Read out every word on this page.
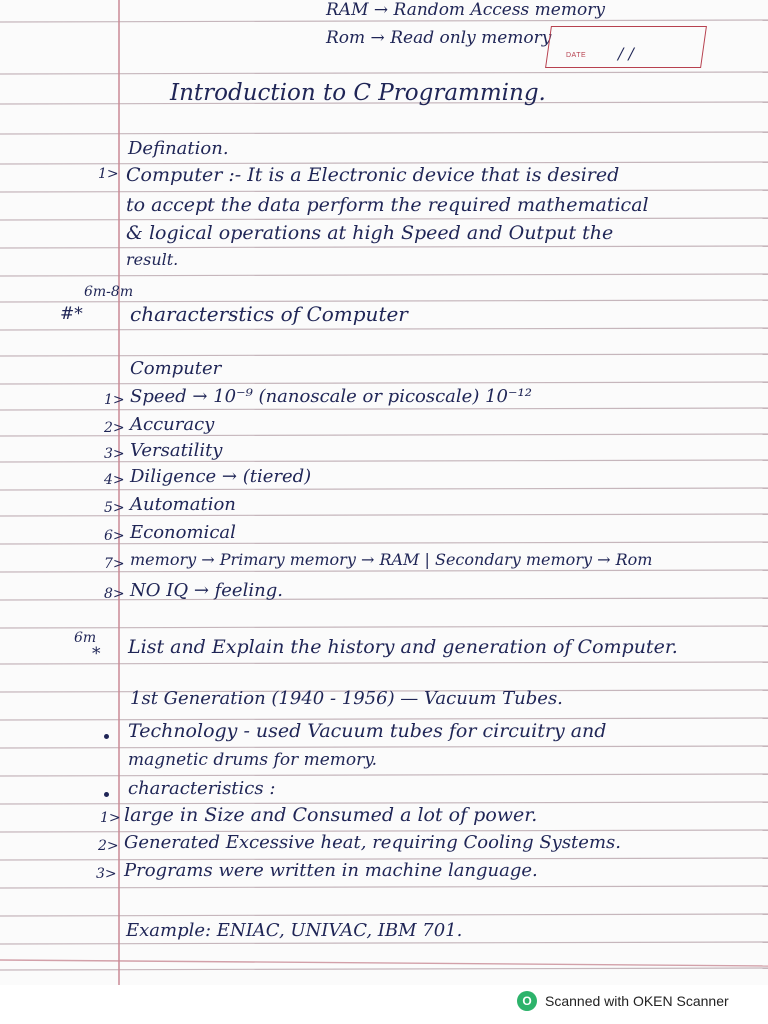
RAM → Random Access memory
Rom → Read only memory
DATE / /
Introduction to C Programming.
Defination.
1> Computer :- It is a Electronic device that is desired
to accept the data perform the required mathematical
& logical operations at high Speed and Output the
result.
6m-8m
#* characterstics of Computer
Computer
1> Speed → 10⁻⁹ (nanoscale or picoscale) 10⁻¹²
2> Accuracy
3> Versatility
4> Diligence → (tiered)
5> Automation
6> Economical
7> memory → Primary memory → RAM | Secondary memory → Rom
8> NO IQ → feeling.
6m
* List and Explain the history and generation of Computer.
1st Generation (1940 - 1956) — Vacuum Tubes.
Technology - used Vacuum tubes for circuitry and
magnetic drums for memory.
characteristics :
1> large in Size and Consumed a lot of power.
2> Generated Excessive heat, requiring Cooling Systems.
3> Programs were written in machine language.
Example: ENIAC, UNIVAC, IBM 701.
O Scanned with OKEN Scanner
